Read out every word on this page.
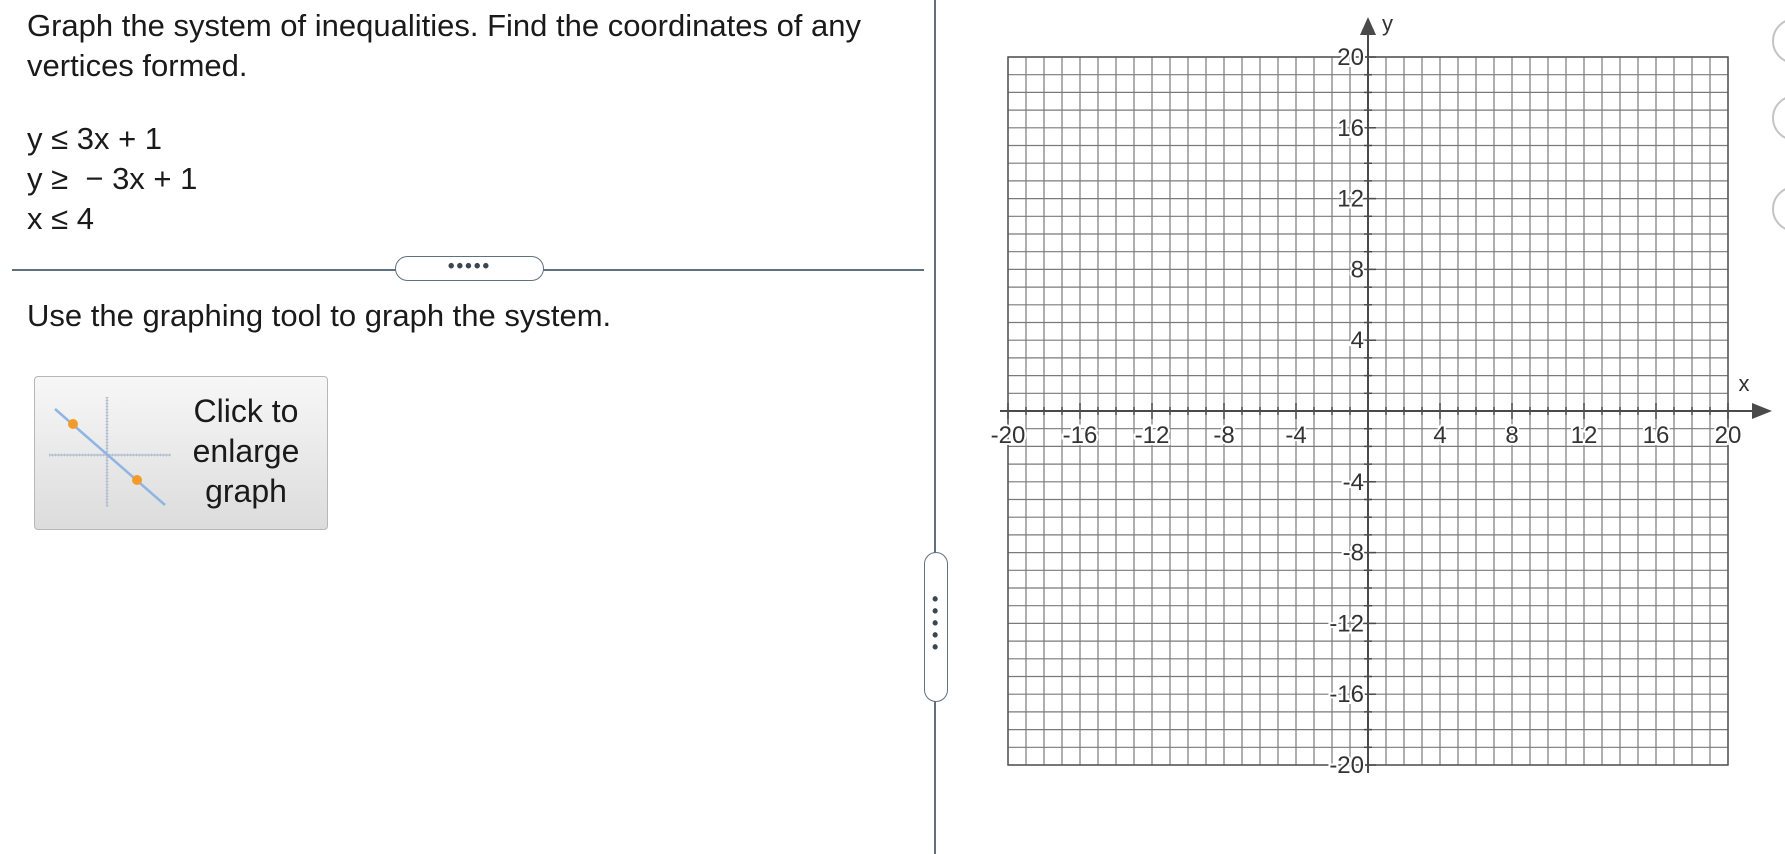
Graph the system of inequalities. Find the coordinates of any vertices formed.

y ≤ 3x + 1
y ≥  − 3x + 1
x ≤ 4
•••••

Use the graphing tool to graph the system.

Click to enlarge graph
•••••
-20 -16 -12 -8 -4	4 8 12 16 20
20
16
12
8
4
-4
-8
-12
-16
-20
x
y
